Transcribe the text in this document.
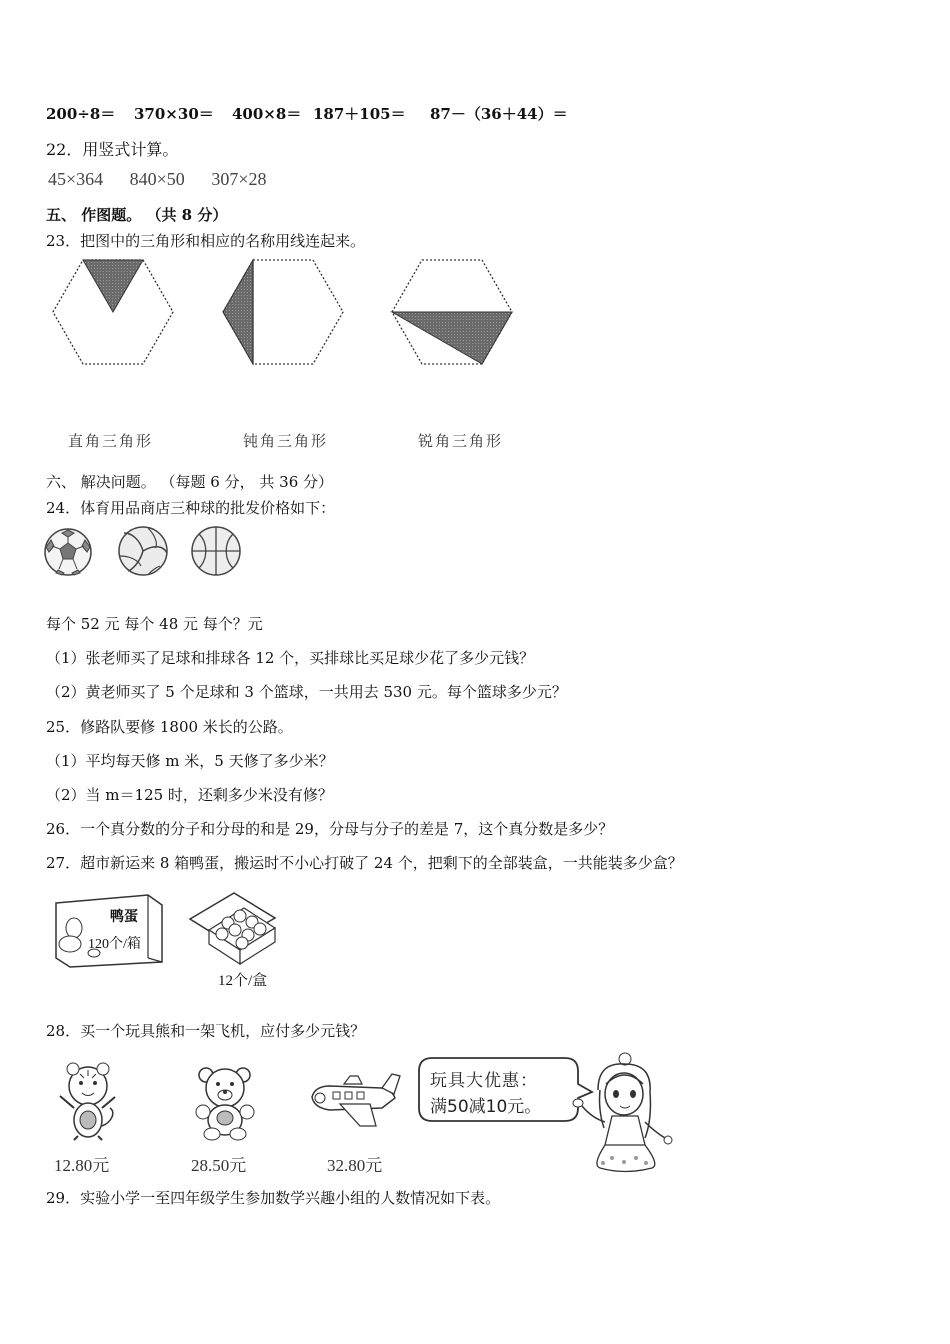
200÷8＝ 370×30＝ 400×8＝ 187＋105＝ 87－（36＋44）＝
22．用竖式计算。
45×364 840×50 307×28
五、 作图题。 （共 8 分）
23．把图中的三角形和相应的名称用线连起来。
直角三角形	钝角三角形	锐角三角形
六、 解决问题。 （每题 6 分， 共 36 分）
24．体育用品商店三种球的批发价格如下：
每个 52 元 每个 48 元 每个？元
（1）张老师买了足球和排球各 12 个，买排球比买足球少花了多少元钱？
（2）黄老师买了 5 个足球和 3 个篮球，一共用去 530 元。每个篮球多少元？
25．修路队要修 1800 米长的公路。
（1）平均每天修 m 米，5 天修了多少米？
（2）当 m＝125 时，还剩多少米没有修？
26．一个真分数的分子和分母的和是 29，分母与分子的差是 7，这个真分数是多少？
27．超市新运来 8 箱鸭蛋，搬运时不小心打破了 24 个，把剩下的全部装盒，一共能装多少盒？
鸭蛋
120个/箱
12个/盒
28．买一个玩具熊和一架飞机，应付多少元钱？
12.80元	28.50元	32.80元
玩具大优惠：
满50减10元。
29．实验小学一至四年级学生参加数学兴趣小组的人数情况如下表。
